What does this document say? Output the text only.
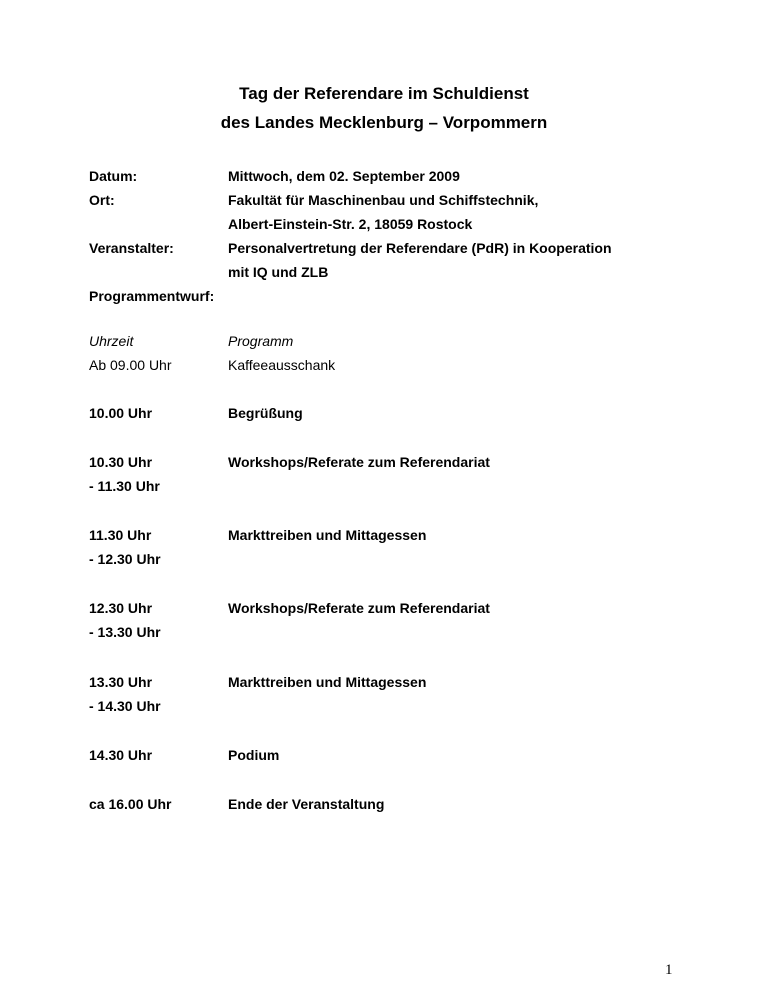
Tag der Referendare im Schuldienst
des Landes Mecklenburg – Vorpommern
Datum:	Mittwoch, dem 02. September 2009
Ort:	Fakultät für Maschinenbau und Schiffstechnik,
Albert-Einstein-Str. 2, 18059 Rostock
Veranstalter:	Personalvertretung der Referendare (PdR) in Kooperation
mit IQ und ZLB
Programmentwurf:
Uhrzeit	Programm
Ab 09.00 Uhr	Kaffeeausschank
10.00 Uhr	Begrüßung
10.30 Uhr	Workshops/Referate zum Referendariat
- 11.30 Uhr
11.30 Uhr	Markttreiben und Mittagessen
- 12.30 Uhr
12.30 Uhr	Workshops/Referate zum Referendariat
- 13.30 Uhr
13.30 Uhr	Markttreiben und Mittagessen
- 14.30 Uhr
14.30 Uhr	Podium
ca 16.00 Uhr	Ende der Veranstaltung
1
